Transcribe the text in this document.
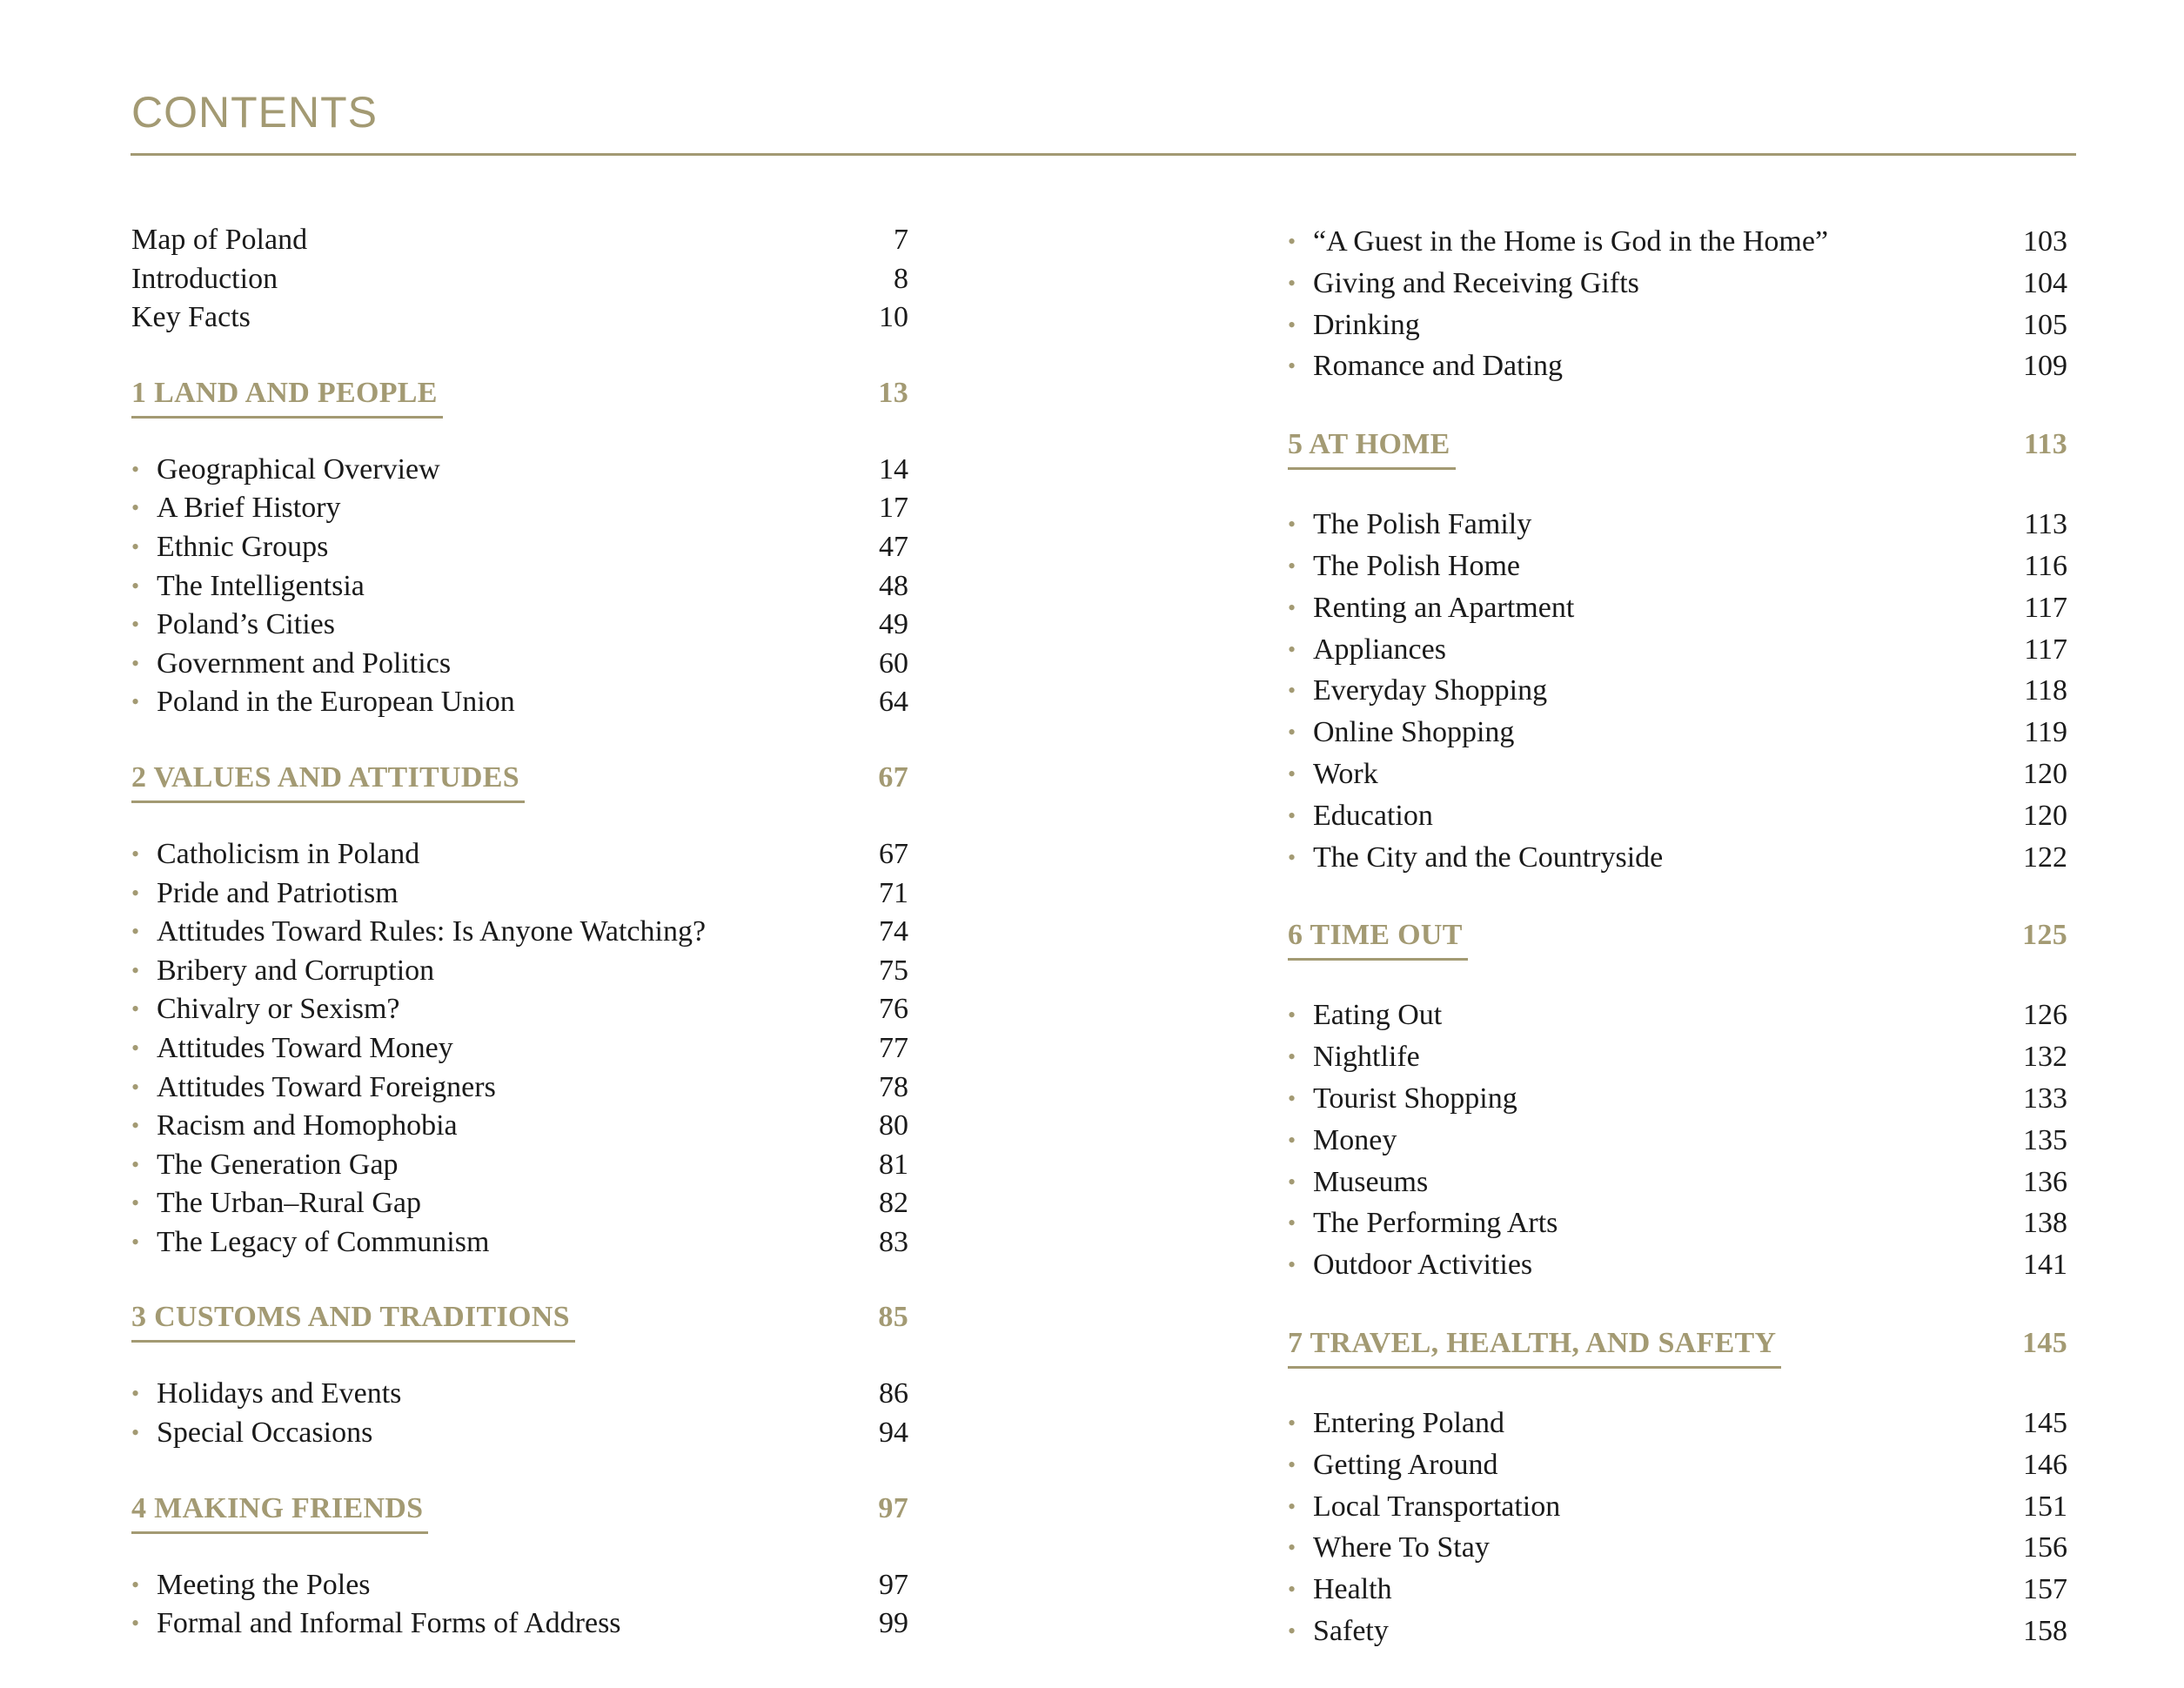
CONTENTS
Map of Poland	7
Introduction	8
Key Facts	10
1 LAND AND PEOPLE	13
• Geographical Overview	14
• A Brief History	17
• Ethnic Groups	47
• The Intelligentsia	48
• Poland’s Cities	49
• Government and Politics	60
• Poland in the European Union	64
2 VALUES AND ATTITUDES	67
• Catholicism in Poland	67
• Pride and Patriotism	71
• Attitudes Toward Rules: Is Anyone Watching?	74
• Bribery and Corruption	75
• Chivalry or Sexism?	76
• Attitudes Toward Money	77
• Attitudes Toward Foreigners	78
• Racism and Homophobia	80
• The Generation Gap	81
• The Urban–Rural Gap	82
• The Legacy of Communism	83
3 CUSTOMS AND TRADITIONS	85
• Holidays and Events	86
• Special Occasions	94
4 MAKING FRIENDS	97
• Meeting the Poles	97
• Formal and Informal Forms of Address	99
• “A Guest in the Home is God in the Home”	103
• Giving and Receiving Gifts	104
• Drinking	105
• Romance and Dating	109
5 AT HOME	113
• The Polish Family	113
• The Polish Home	116
• Renting an Apartment	117
• Appliances	117
• Everyday Shopping	118
• Online Shopping	119
• Work	120
• Education	120
• The City and the Countryside	122
6 TIME OUT	125
• Eating Out	126
• Nightlife	132
• Tourist Shopping	133
• Money	135
• Museums	136
• The Performing Arts	138
• Outdoor Activities	141
7 TRAVEL, HEALTH, AND SAFETY	145
• Entering Poland	145
• Getting Around	146
• Local Transportation	151
• Where To Stay	156
• Health	157
• Safety	158
